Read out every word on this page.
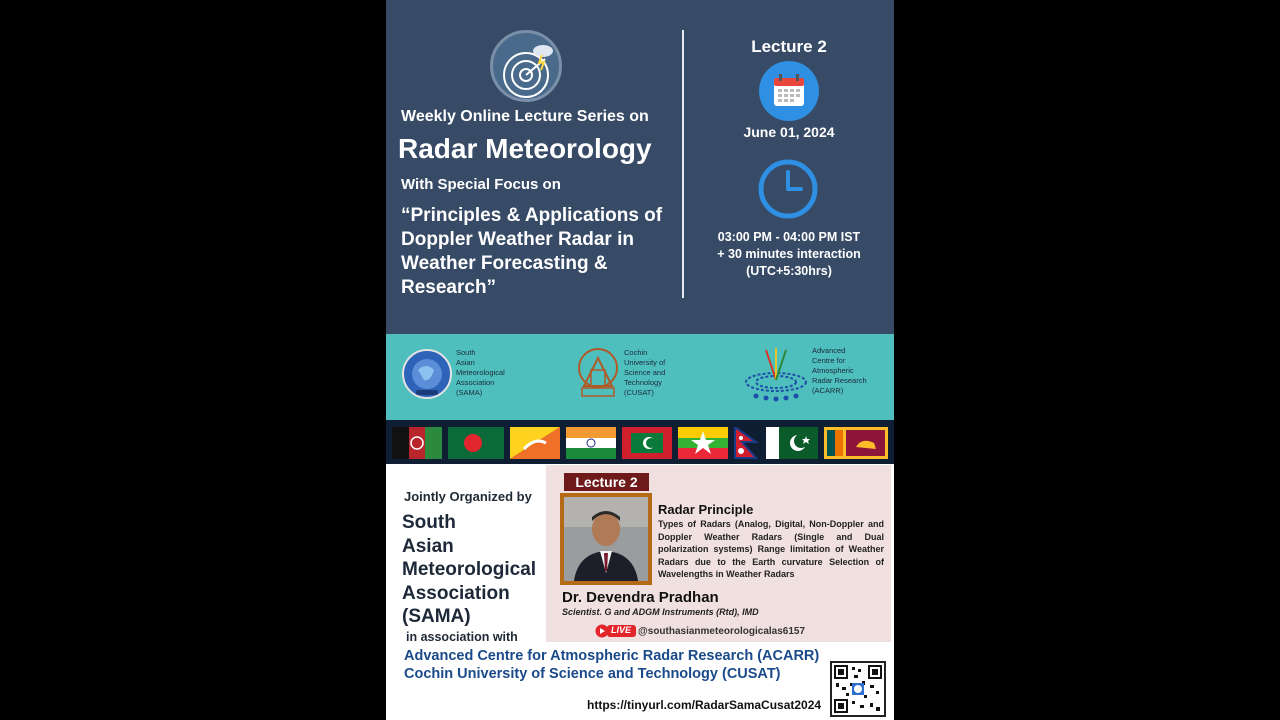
Weekly Online Lecture Series on
Radar Meteorology
With Special Focus on
“Principles & Applications of Doppler Weather Radar in Weather Forecasting & Research”
Lecture 2
June 01, 2024
03:00 PM - 04:00 PM IST
+ 30 minutes interaction
(UTC+5:30hrs)
South
Asian
Meteorological
Association
(SAMA)
Cochin
University of
Science and
Technology
(CUSAT)
Advanced
Centre for
Atmospheric
Radar Research
(ACARR)
Jointly Organized by
South
Asian
Meteorological
Association
(SAMA)
in association with
Lecture 2
Radar Principle
Types of Radars (Analog, Digital, Non-Doppler and Doppler Weather Radars (Single and Dual polarization systems) Range limitation of Weather Radars due to the Earth curvature Selection of Wavelengths in Weather Radars
Dr. Devendra Pradhan
Scientist. G and ADGM Instruments (Rtd), IMD
LIVE @southasianmeteorologicalas6157
Advanced Centre for Atmospheric Radar Research (ACARR)
Cochin University of Science and Technology (CUSAT)
https://tinyurl.com/RadarSamaCusat2024
